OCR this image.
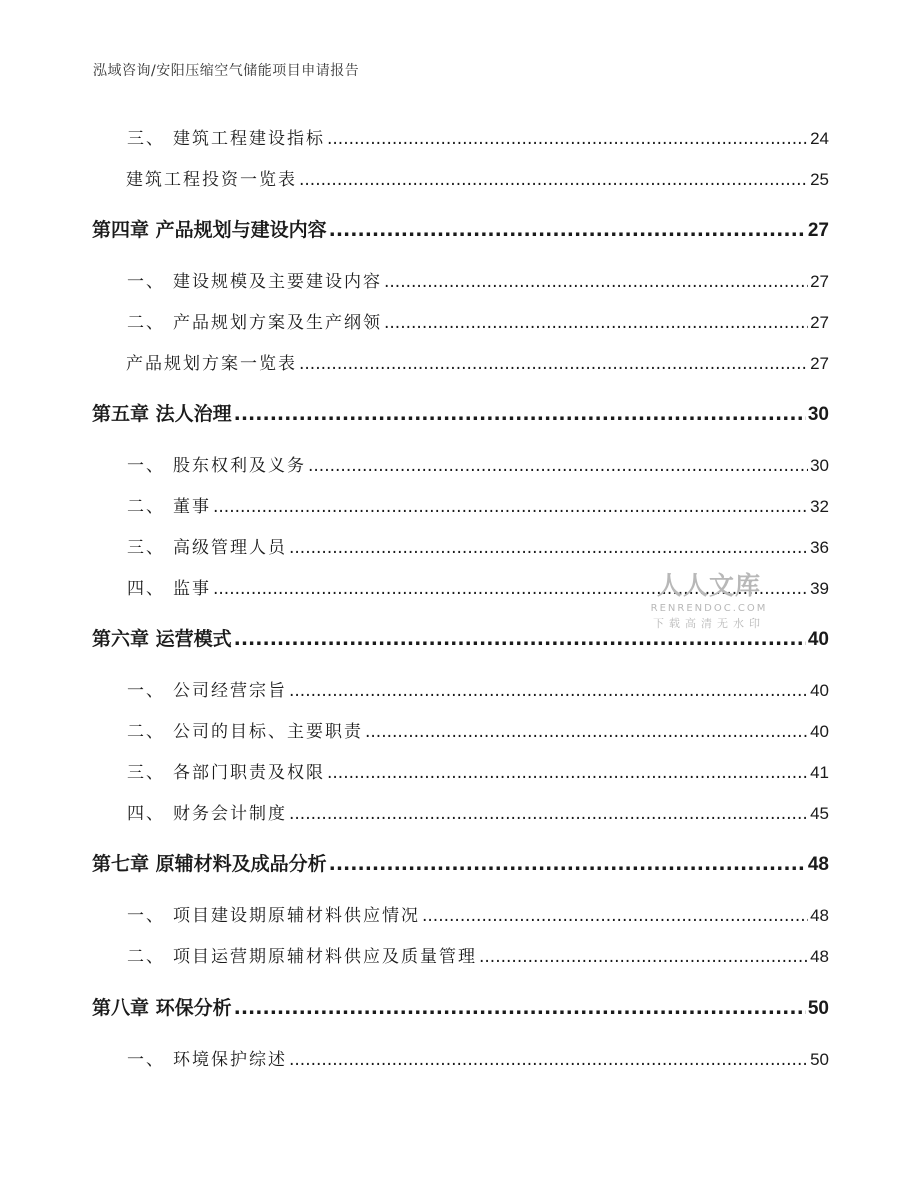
泓域咨询/安阳压缩空气储能项目申请报告
三、 建筑工程建设指标 .....	24
建筑工程投资一览表 .....	25
第四章 产品规划与建设内容 .....	27
一、 建设规模及主要建设内容 .....	27
二、 产品规划方案及生产纲领 .....	27
产品规划方案一览表 .....	27
第五章 法人治理 .....	30
一、 股东权利及义务 .....	30
二、 董事 .....	32
三、 高级管理人员 .....	36
四、 监事 .....	39
第六章 运营模式 .....	40
一、 公司经营宗旨 .....	40
二、 公司的目标、主要职责 .....	40
三、 各部门职责及权限 .....	41
四、 财务会计制度 .....	45
第七章 原辅材料及成品分析 .....	48
一、 项目建设期原辅材料供应情况 .....	48
二、 项目运营期原辅材料供应及质量管理 .....	48
第八章 环保分析 .....	50
一、 环境保护综述 .....	50
人人文库
RENRENDOC.COM
下载高清无水印
